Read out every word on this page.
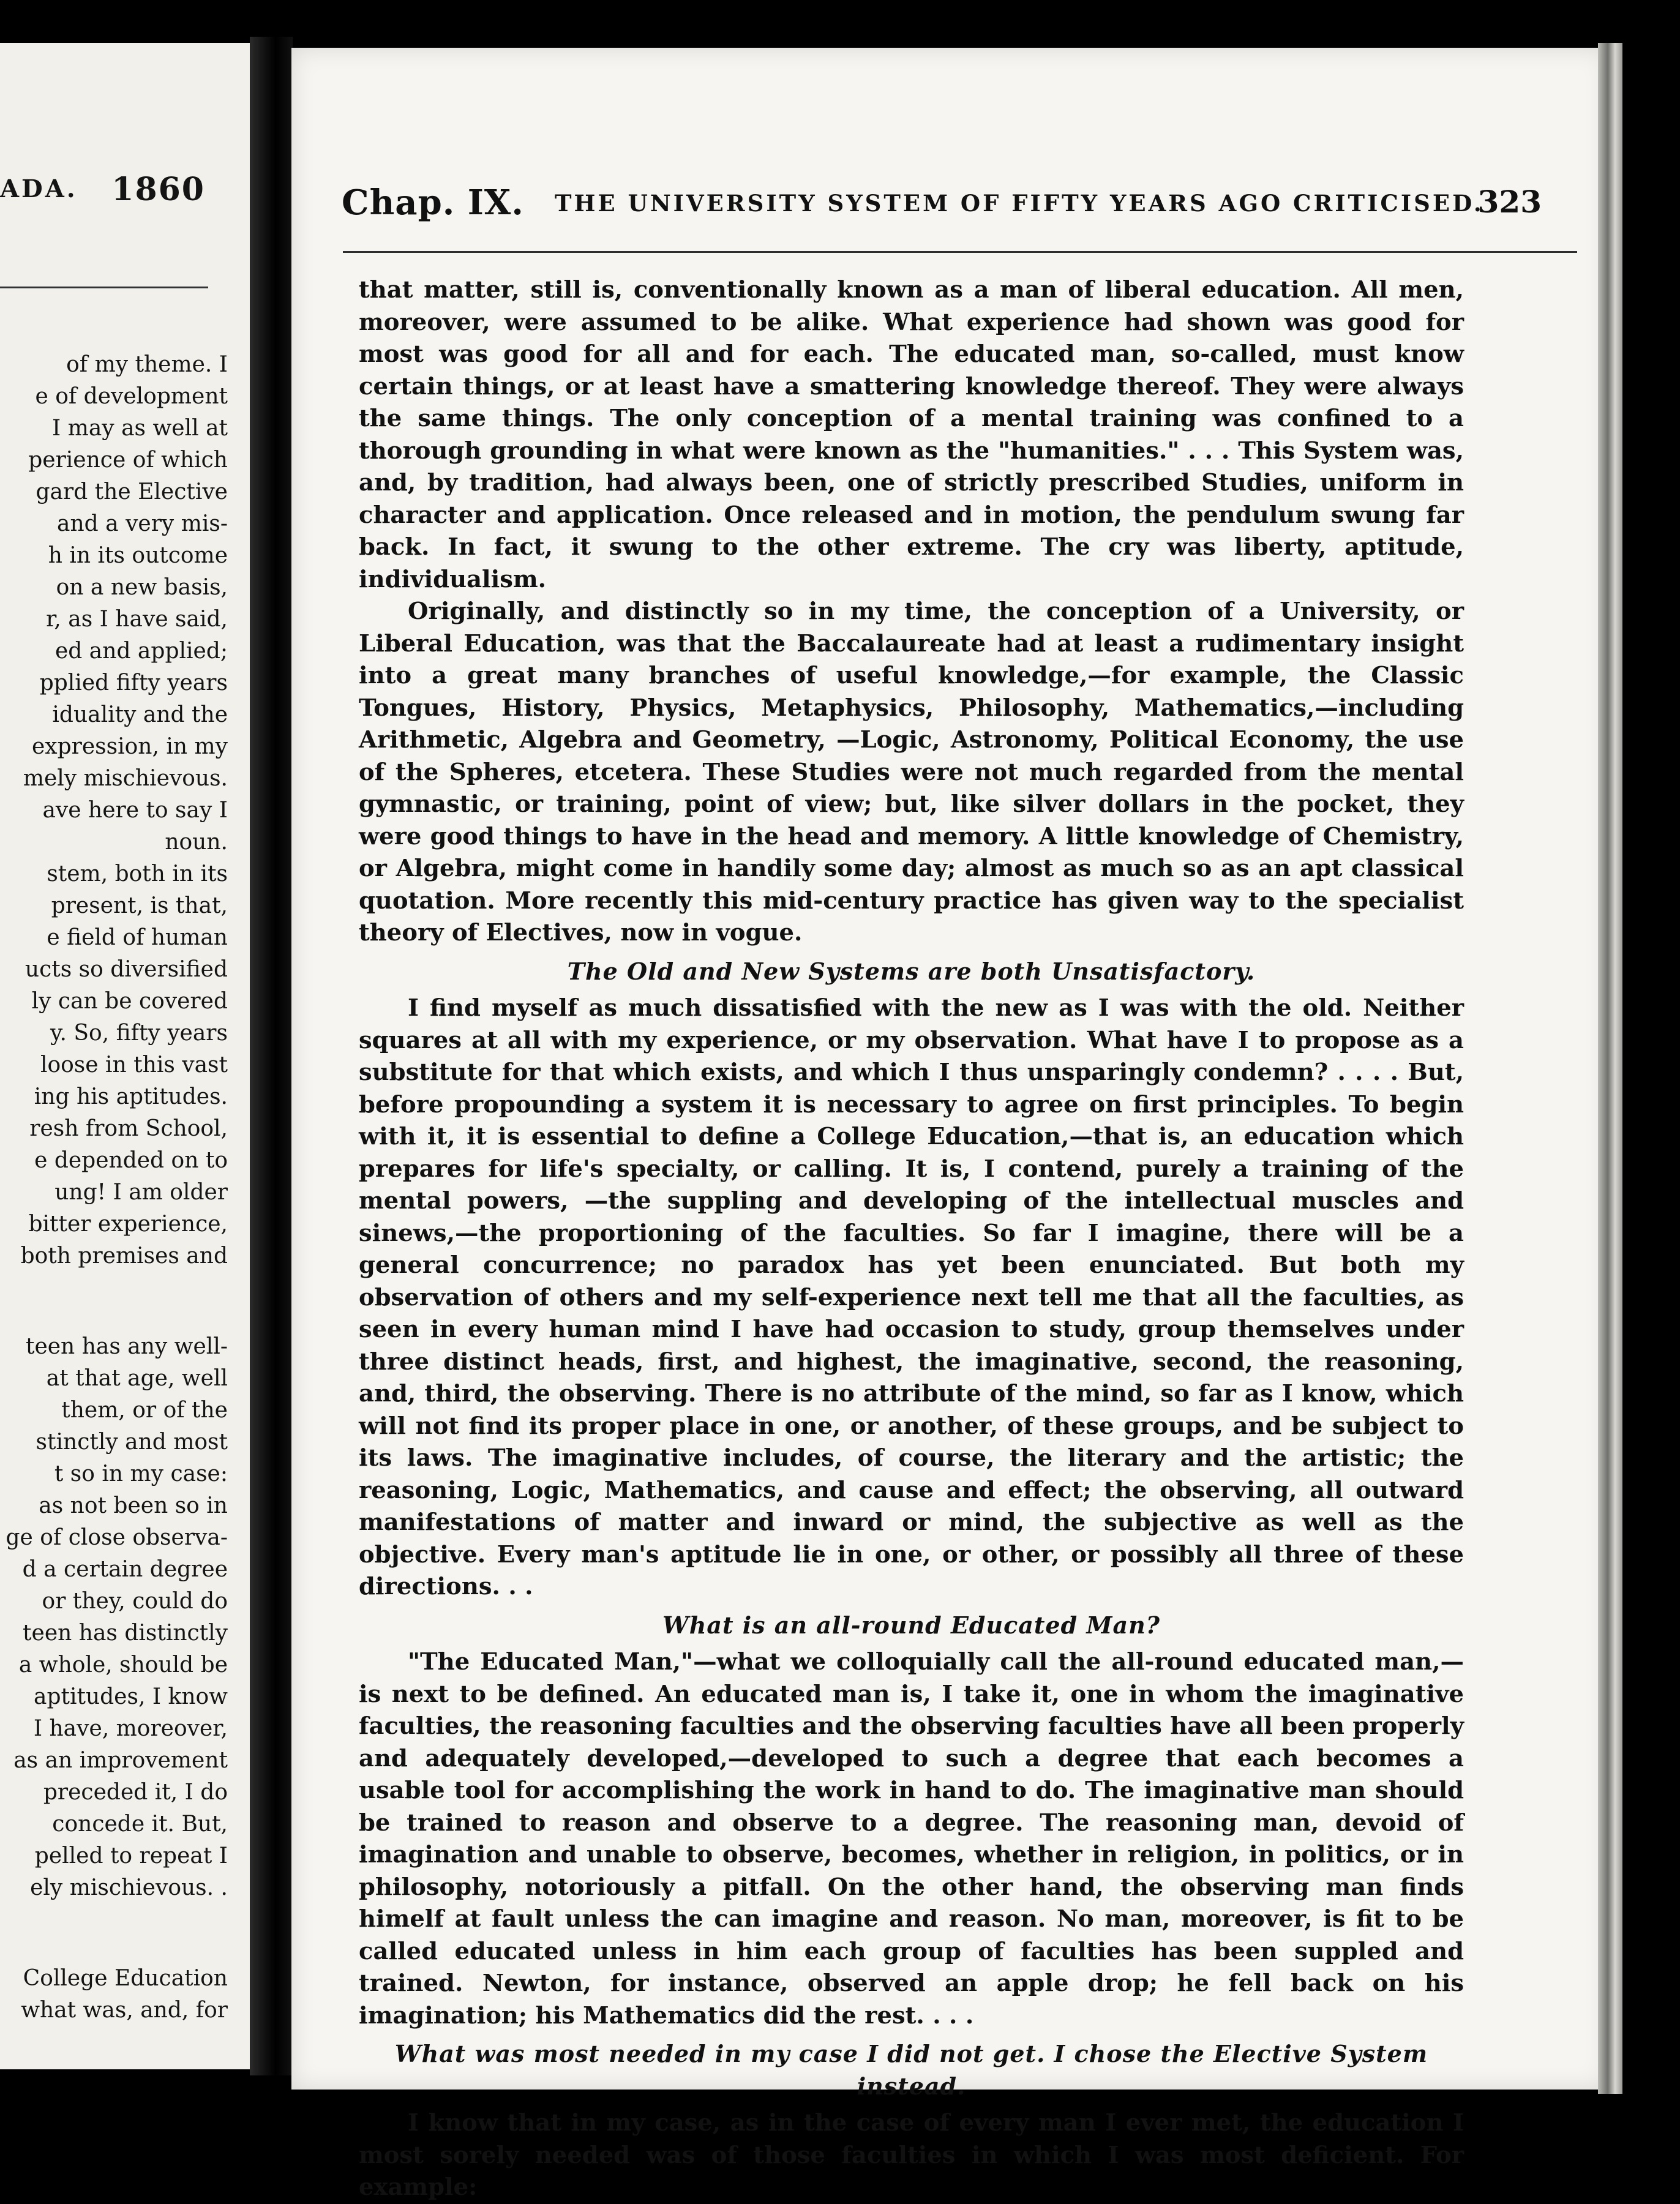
ADA. 1860
of my theme. I
e of development
I may as well at
perience of which
gard the Elective
and a very mis-
h in its outcome
on a new basis,
r, as I have said,
ed and applied;
pplied fifty years
iduality and the
expression, in my
mely mischievous.
ave here to say I
noun.
stem, both in its
present, is that,
e field of human
ucts so diversified
ly can be covered
y. So, fifty years
loose in this vast
ing his aptitudes.
resh from School,
e depended on to
ung! I am older
bitter experience,
both premises and
teen has any well-
at that age, well
them, or of the
stinctly and most
t so in my case:
as not been so in
ge of close observa-
d a certain degree
or they, could do
teen has distinctly
a whole, should be
aptitudes, I know
I have, moreover,
as an improvement
preceded it, I do
concede it. But,
pelled to repeat I
ely mischievous. .
College Education
what was, and, for
Chap. IX. THE UNIVERSITY SYSTEM OF FIFTY YEARS AGO CRITICISED.
323

that matter, still is, conventionally known as a man of liberal education. All men, moreover, were assumed to be alike. What experience had shown was good for most was good for all and for each. The educated man, so-called, must know certain things, or at least have a smattering knowledge thereof. They were always the same things. The only conception of a mental training was confined to a thorough grounding in what were known as the "humanities." . . . This System was, and, by tradition, had always been, one of strictly prescribed Studies, uniform in character and application. Once released and in motion, the pendulum swung far back. In fact, it swung to the other extreme. The cry was liberty, aptitude, individualism.

Originally, and distinctly so in my time, the conception of a University, or Liberal Education, was that the Baccalaureate had at least a rudimentary insight into a great many branches of useful knowledge,—for example, the Classic Tongues, History, Physics, Metaphysics, Philosophy, Mathematics,—including Arithmetic, Algebra and Geometry, —Logic, Astronomy, Political Economy, the use of the Spheres, etcetera. These Studies were not much regarded from the mental gymnastic, or training, point of view; but, like silver dollars in the pocket, they were good things to have in the head and memory. A little knowledge of Chemistry, or Algebra, might come in handily some day; almost as much so as an apt classical quotation. More recently this mid-century practice has given way to the specialist theory of Electives, now in vogue.

The Old and New Systems are both Unsatisfactory.

I find myself as much dissatisfied with the new as I was with the old. Neither squares at all with my experience, or my observation. What have I to propose as a substitute for that which exists, and which I thus unsparingly condemn? . . . . But, before propounding a system it is necessary to agree on first principles. To begin with it, it is essential to define a College Education,—that is, an education which prepares for life's specialty, or calling. It is, I contend, purely a training of the mental powers, —the suppling and developing of the intellectual muscles and sinews,—the proportioning of the faculties. So far I imagine, there will be a general concurrence; no paradox has yet been enunciated. But both my observation of others and my self-experience next tell me that all the faculties, as seen in every human mind I have had occasion to study, group themselves under three distinct heads, first, and highest, the imaginative, second, the reasoning, and, third, the observing. There is no attribute of the mind, so far as I know, which will not find its proper place in one, or another, of these groups, and be subject to its laws. The imaginative includes, of course, the literary and the artistic; the reasoning, Logic, Mathematics, and cause and effect; the observing, all outward manifestations of matter and inward or mind, the subjective as well as the objective. Every man's aptitude lie in one, or other, or possibly all three of these directions. . .

What is an all-round Educated Man?

"The Educated Man,"—what we colloquially call the all-round educated man,—is next to be defined. An educated man is, I take it, one in whom the imaginative faculties, the reasoning faculties and the observing faculties have all been properly and adequately developed,—developed to such a degree that each becomes a usable tool for accomplishing the work in hand to do. The imaginative man should be trained to reason and observe to a degree. The reasoning man, devoid of imagination and unable to observe, becomes, whether in religion, in politics, or in philosophy, notoriously a pitfall. On the other hand, the observing man finds himelf at fault unless the can imagine and reason. No man, moreover, is fit to be called educated unless in him each group of faculties has been suppled and trained. Newton, for instance, observed an apple drop; he fell back on his imagination; his Mathematics did the rest. . . .

What was most needed in my case I did not get. I chose the Elective System instead.

I know that in my case, as in the case of every man I ever met, the education I most sorely needed was of those faculties in which I was most deficient. For example:
